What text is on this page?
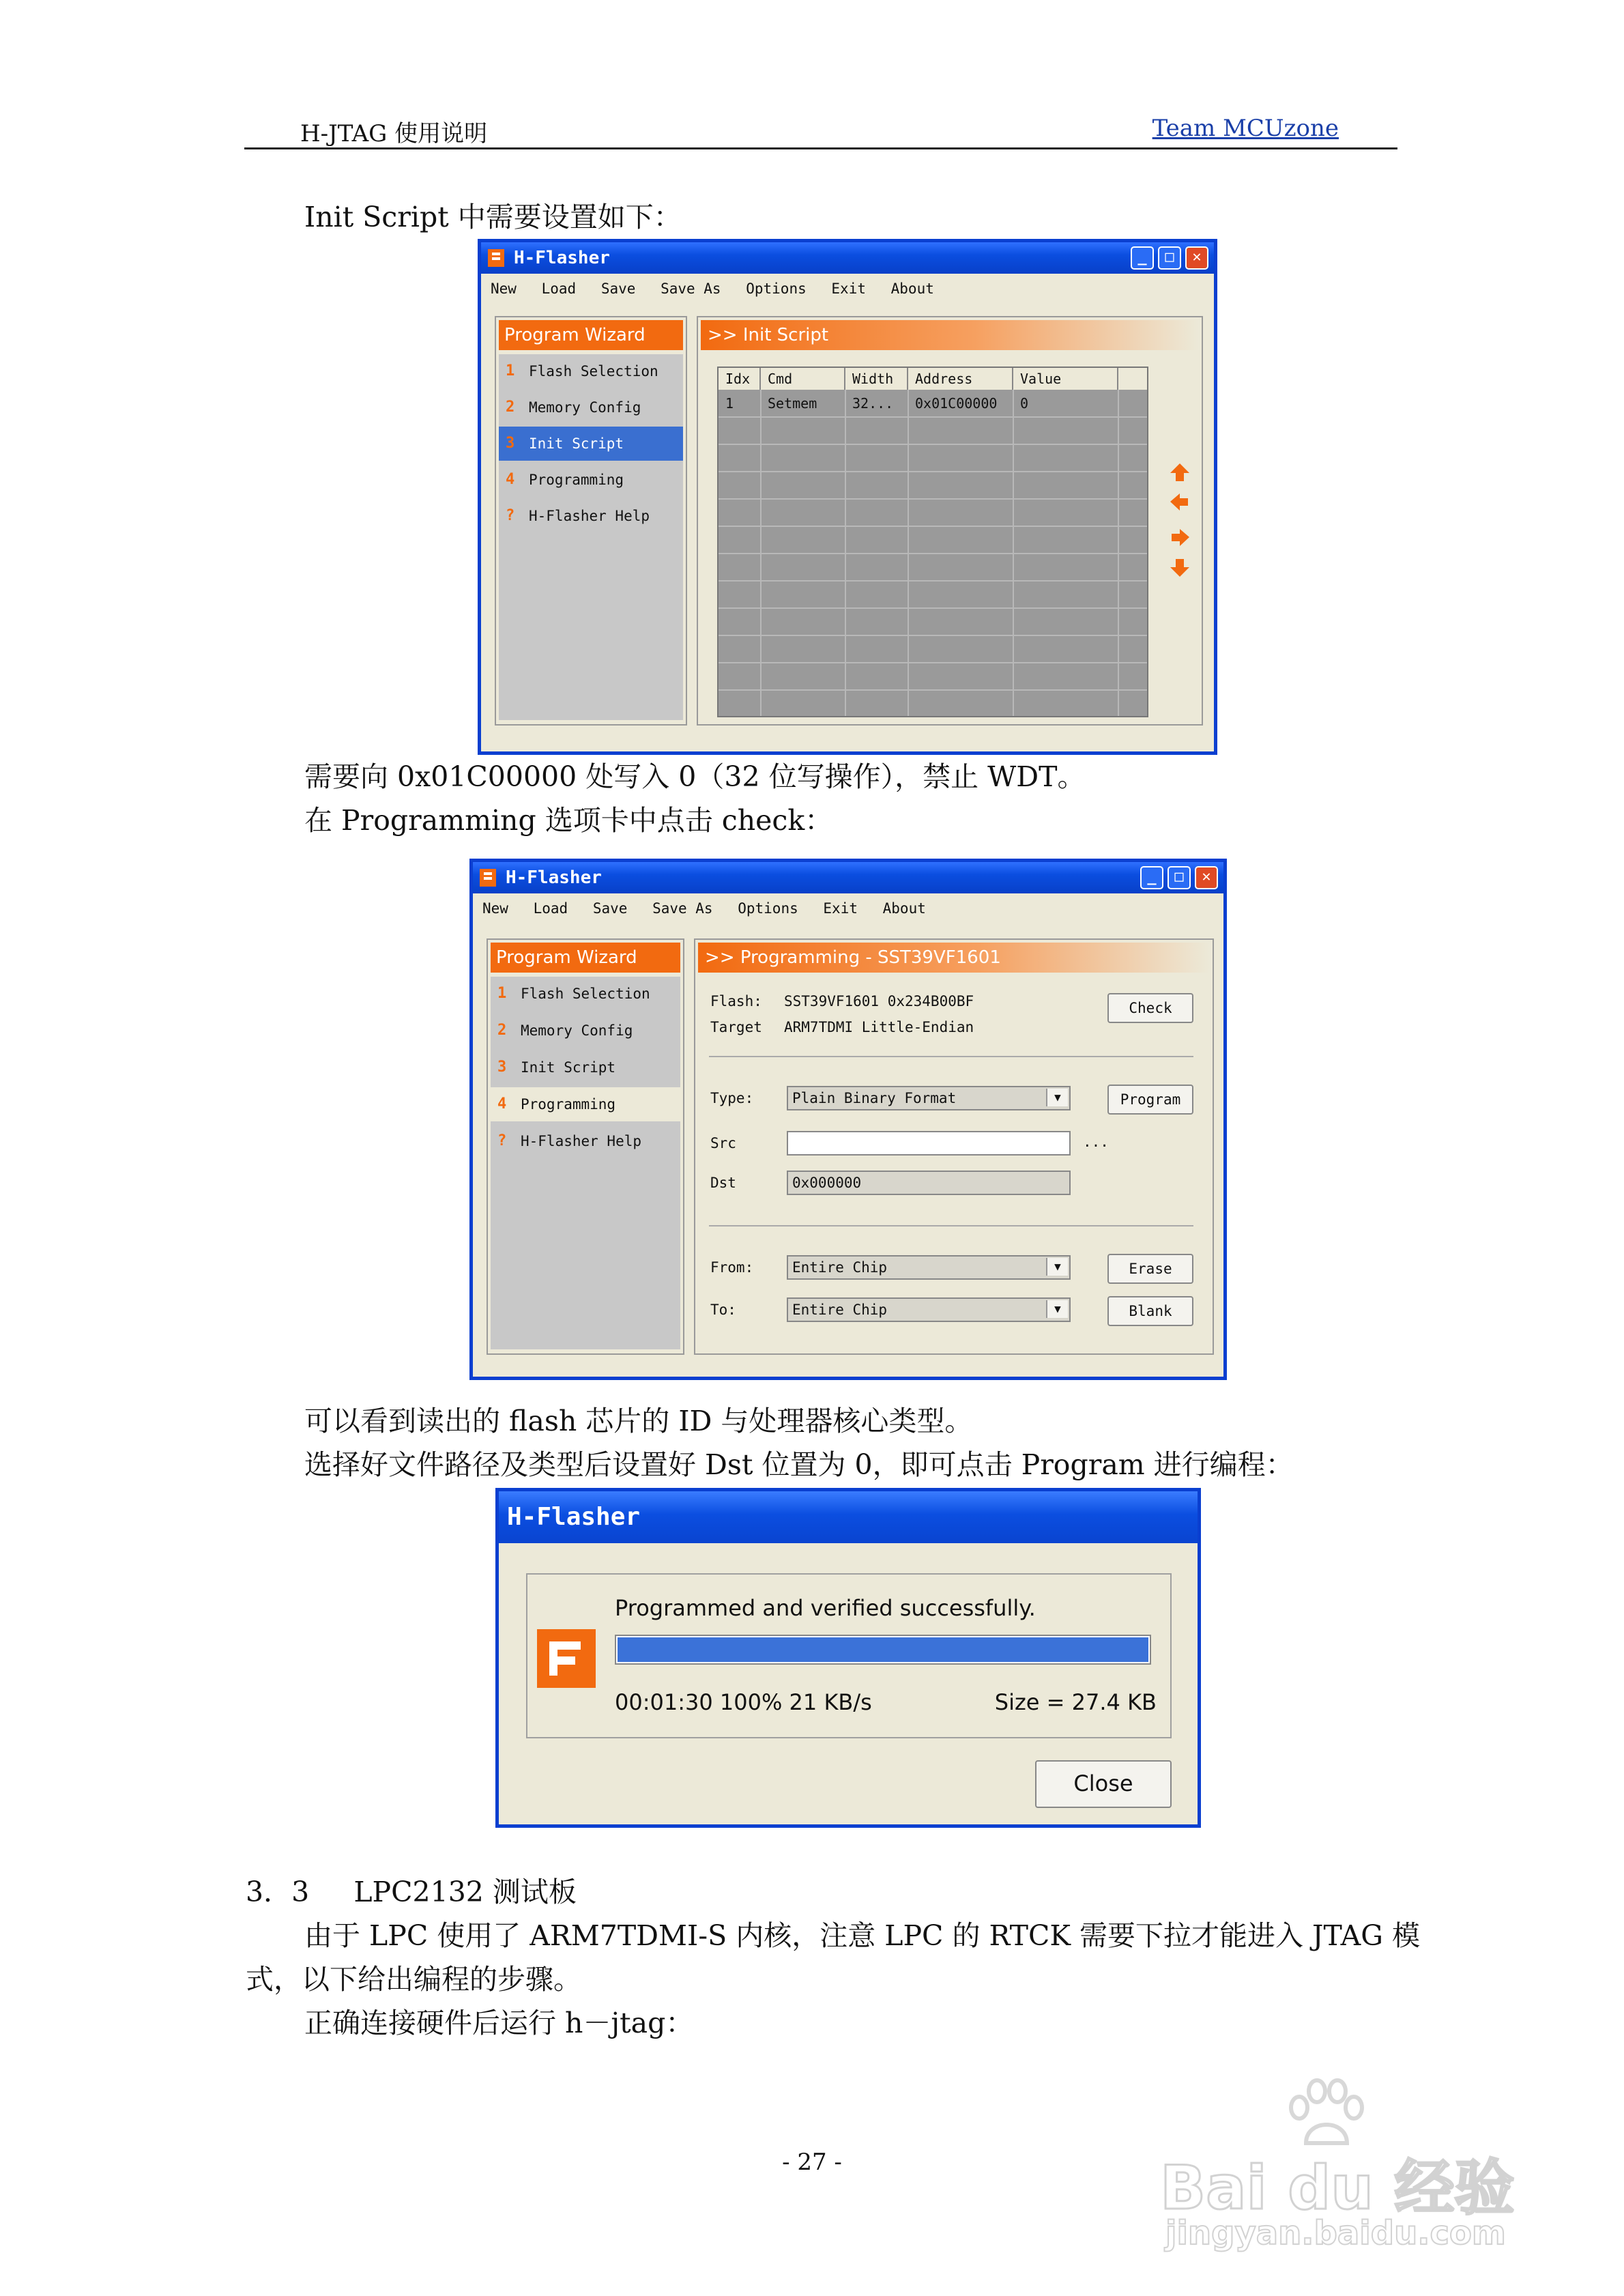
H-JTAG 使用说明	Team MCUzone
Init Script 中需要设置如下：
H-Flasher	_	□	✕
New Load Save Save As Options Exit About
Program Wizard
1 Flash Selection
2 Memory Config
3 Init Script
4 Programming
? H-Flasher Help
>> Init Script
Idx	Cmd	Width	Address	Value
1	Setmem	32...	0x01C00000	0
需要向 0x01C00000 处写入 0（32 位写操作），禁止 WDT。
在 Programming 选项卡中点击 check：
H-Flasher	_	□	✕
New Load Save Save As Options Exit About
Program Wizard
1 Flash Selection
2 Memory Config
3 Init Script
4 Programming
? H-Flasher Help
>> Programming - SST39VF1601
Flash: SST39VF1601 0x234B00BF
Target ARM7TDMI Little-Endian
Check
Type:	Plain Binary Format	▼	Program
Src	...
Dst	0x000000
From:	Entire Chip	▼	Erase
To:	Entire Chip	▼	Blank
可以看到读出的 flash 芯片的 ID 与处理器核心类型。
选择好文件路径及类型后设置好 Dst 位置为 0，即可点击 Program 进行编程：
H-Flasher
Programmed and verified successfully.
00:01:30 100% 21 KB/s	Size = 27.4 KB
Close
3．3     LPC2132 测试板
由于 LPC 使用了 ARM7TDMI-S 内核，注意 LPC 的 RTCK 需要下拉才能进入 JTAG 模
式，以下给出编程的步骤。
正确连接硬件后运行 h－jtag：
- 27 -	Bai du 经验
jingyan.baidu.com
